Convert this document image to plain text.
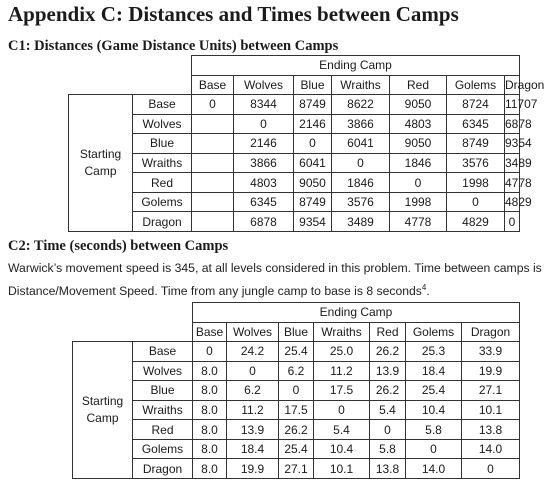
Appendix C: Distances and Times between Camps
C1: Distances (Game Distance Units) between Camps
		Ending Camp						
		Base	Wolves	Blue	Wraiths	Red	Golems	Dragon
Starting
Camp	Base	0	8344	8749	8622	9050	8724	11707
	Wolves		0	2146	3866	4803	6345	6878
	Blue		2146	0	6041	9050	8749	9354
	Wraiths		3866	6041	0	1846	3576	3489
	Red		4803	9050	1846	0	1998	4778
	Golems		6345	8749	3576	1998	0	4829
	Dragon		6878	9354	3489	4778	4829	0
C2: Time (seconds) between Camps
Warwick’s movement speed is 345, at all levels considered in this problem. Time between camps is
Distance/Movement Speed. Time from any jungle camp to base is 8 seconds$^4$.
		Ending Camp						
		Base	Wolves	Blue	Wraiths	Red	Golems	Dragon
Starting
Camp	Base	0	24.2	25.4	25.0	26.2	25.3	33.9
	Wolves	8.0	0	6.2	11.2	13.9	18.4	19.9
	Blue	8.0	6.2	0	17.5	26.2	25.4	27.1
	Wraiths	8.0	11.2	17.5	0	5.4	10.4	10.1
	Red	8.0	13.9	26.2	5.4	0	5.8	13.8
	Golems	8.0	18.4	25.4	10.4	5.8	0	14.0
	Dragon	8.0	19.9	27.1	10.1	13.8	14.0	0
